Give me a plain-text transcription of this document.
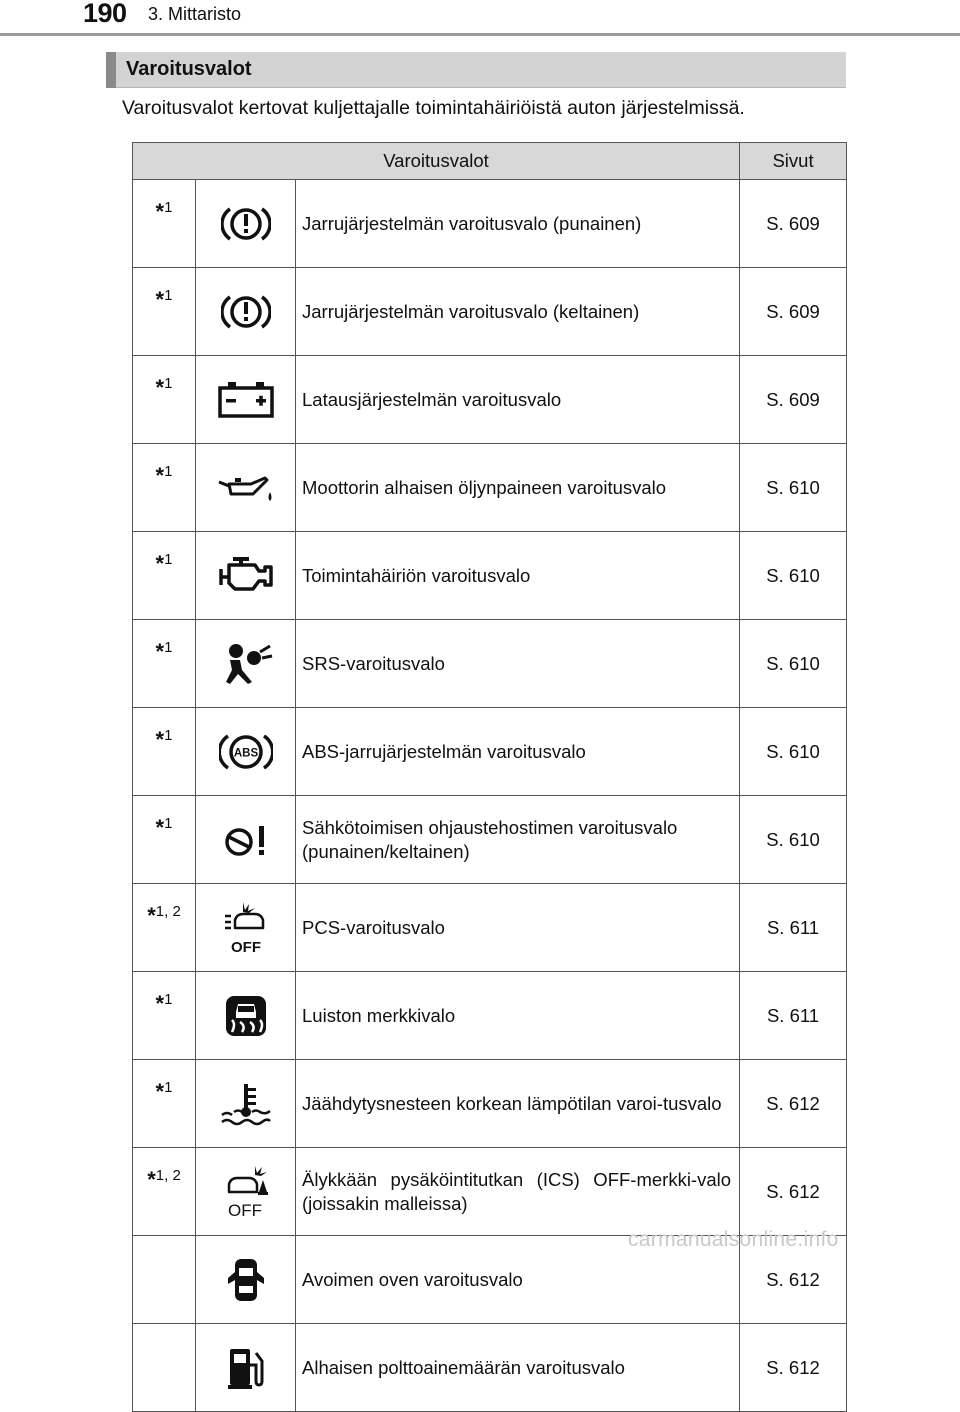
190 3. Mittaristo
Varoitusvalot
Varoitusvalot kertovat kuljettajalle toimintahäiriöistä auton järjestelmissä.
Varoitusvalot			Sivut
*1		Jarrujärjestelmän varoitusvalo (punainen)	S. 609
*1		Jarrujärjestelmän varoitusvalo (keltainen)	S. 609
*1		Latausjärjestelmän varoitusvalo	S. 609
*1		Moottorin alhaisen öljynpaineen varoitusvalo	S. 610
*1		Toimintahäiriön varoitusvalo	S. 610
*1		SRS-varoitusvalo	S. 610
*1	ABS	ABS-jarrujärjestelmän varoitusvalo	S. 610
*1		Sähkötoimisen ohjaustehostimen varoitusvalo (punainen/keltainen)	S. 610
*1, 2	OFF	PCS-varoitusvalo	S. 611
*1		Luiston merkkivalo	S. 611
*1		Jäähdytysnesteen korkean lämpötilan varoi-tusvalo	S. 612
*1, 2	OFF	Älykkään pysäköintitutkan (ICS) OFF-merkki-valo (joissakin malleissa)	S. 612
		Avoimen oven varoitusvalo	S. 612
		Alhaisen polttoainemäärän varoitusvalo	S. 612
carmanualsonline.info
